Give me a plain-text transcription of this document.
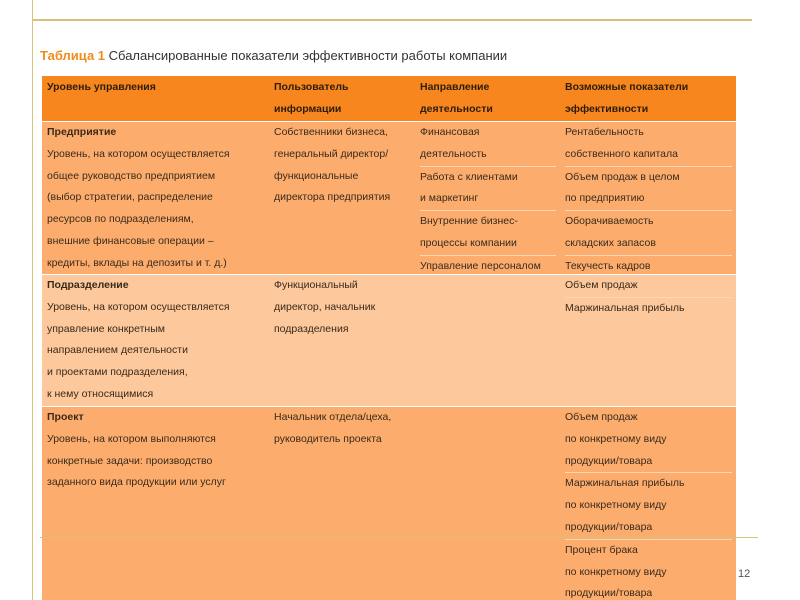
Таблица 1 Сбалансированные показатели эффективности работы компании
Уровень управления	Пользователь
информации
Направление
деятельности
Возможные показатели
эффективности
Предприятие
Уровень, на котором осуществляется
общее руководство предприятием
(выбор стратегии, распределение
ресурсов по подразделениям,
внешние финансовые операции –
кредиты, вклады на депозиты и т. д.)
Собственники бизнеса,
генеральный директор/
функциональные
директора предприятия
Финансовая
деятельность
Работа с клиентами
и маркетинг
Внутренние бизнес-
процессы компании
Управление персоналом
Рентабельность
собственного капитала
Объем продаж в целом
по предприятию
Оборачиваемость
складских запасов
Текучесть кадров
Подразделение
Уровень, на котором осуществляется
управление конкретным
направлением деятельности
и проектами подразделения,
к нему относящимися
Функциональный
директор, начальник
подразделения
Объем продаж
Маржинальная прибыль
Проект
Уровень, на котором выполняются
конкретные задачи: производство
заданного вида продукции или услуг
Начальник отдела/цеха,
руководитель проекта
Объем продаж
по конкретному виду
продукции/товара
Маржинальная прибыль
по конкретному виду
продукции/товара
Процент брака
по конкретному виду
продукции/товара
12
